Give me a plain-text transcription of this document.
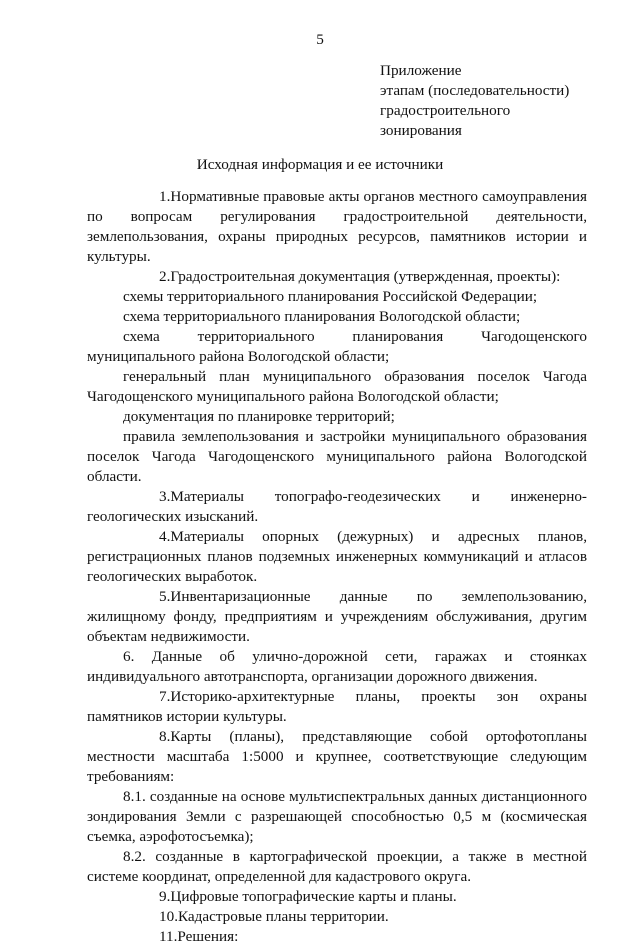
5
Приложение
этапам (последовательности)
градостроительного
зонирования
Исходная информация и ее источники

1.Нормативные правовые акты органов местного самоуправления по вопросам регулирования градостроительной деятельности, землепользования, охраны природных ресурсов, памятников истории и культуры.

2.Градостроительная документация (утвержденная, проекты):

схемы территориального планирования Российской Федерации;

схема территориального планирования Вологодской области;

схема территориального планирования Чагодощенского муниципального района Вологодской области;

генеральный план муниципального образования поселок Чагода Чагодощенского муниципального района Вологодской области;

документация по планировке территорий;

правила землепользования и застройки муниципального образования поселок Чагода Чагодощенского муниципального района Вологодской области.

3.Материалы топографо-геодезических и инженерно-геологических изысканий.

4.Материалы опорных (дежурных) и адресных планов, регистрационных планов подземных инженерных коммуникаций и атласов геологических выработок.

5.Инвентаризационные данные по землепользованию, жилищному фонду, предприятиям и учреждениям обслуживания, другим объектам недвижимости.

6. Данные об улично-дорожной сети, гаражах и стоянках индивидуального автотранспорта, организации дорожного движения.

7.Историко-архитектурные планы, проекты зон охраны памятников истории культуры.

8.Карты (планы), представляющие собой ортофотопланы местности масштаба 1:5000 и крупнее, соответствующие следующим требованиям:

8.1. созданные на основе мультиспектральных данных дистанционного зондирования Земли с разрешающей способностью 0,5 м (космическая съемка, аэрофотосъемка);

8.2. созданные в картографической проекции, а также в местной системе координат, определенной для кадастрового округа.

9.Цифровые топографические карты и планы.

10.Кадастровые планы территории.

11.Решения:
